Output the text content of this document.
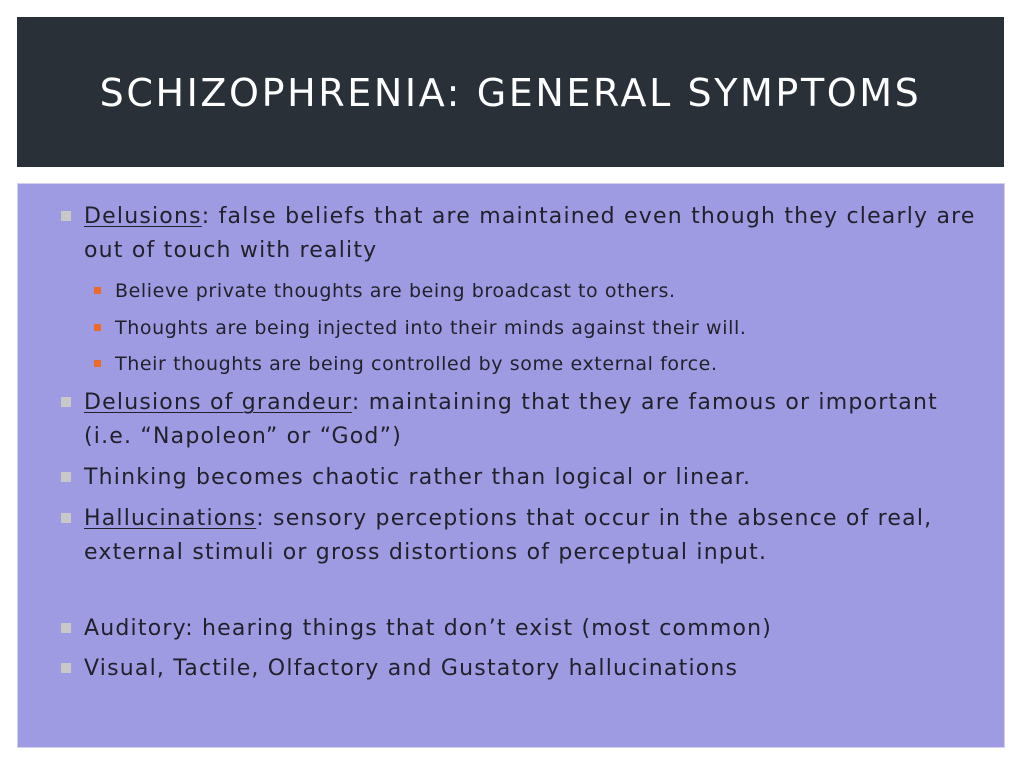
SCHIZOPHRENIA: GENERAL SYMPTOMS
Delusions: false beliefs that are maintained even though they clearly are out of touch with reality
Believe private thoughts are being broadcast to others.
Thoughts are being injected into their minds against their will.
Their thoughts are being controlled by some external force.
Delusions of grandeur: maintaining that they are famous or important (i.e. “Napoleon” or “God”)
Thinking becomes chaotic rather than logical or linear.
Hallucinations: sensory perceptions that occur in the absence of real, external stimuli or gross distortions of perceptual input.
Auditory: hearing things that don’t exist (most common)
Visual, Tactile, Olfactory and Gustatory hallucinations
